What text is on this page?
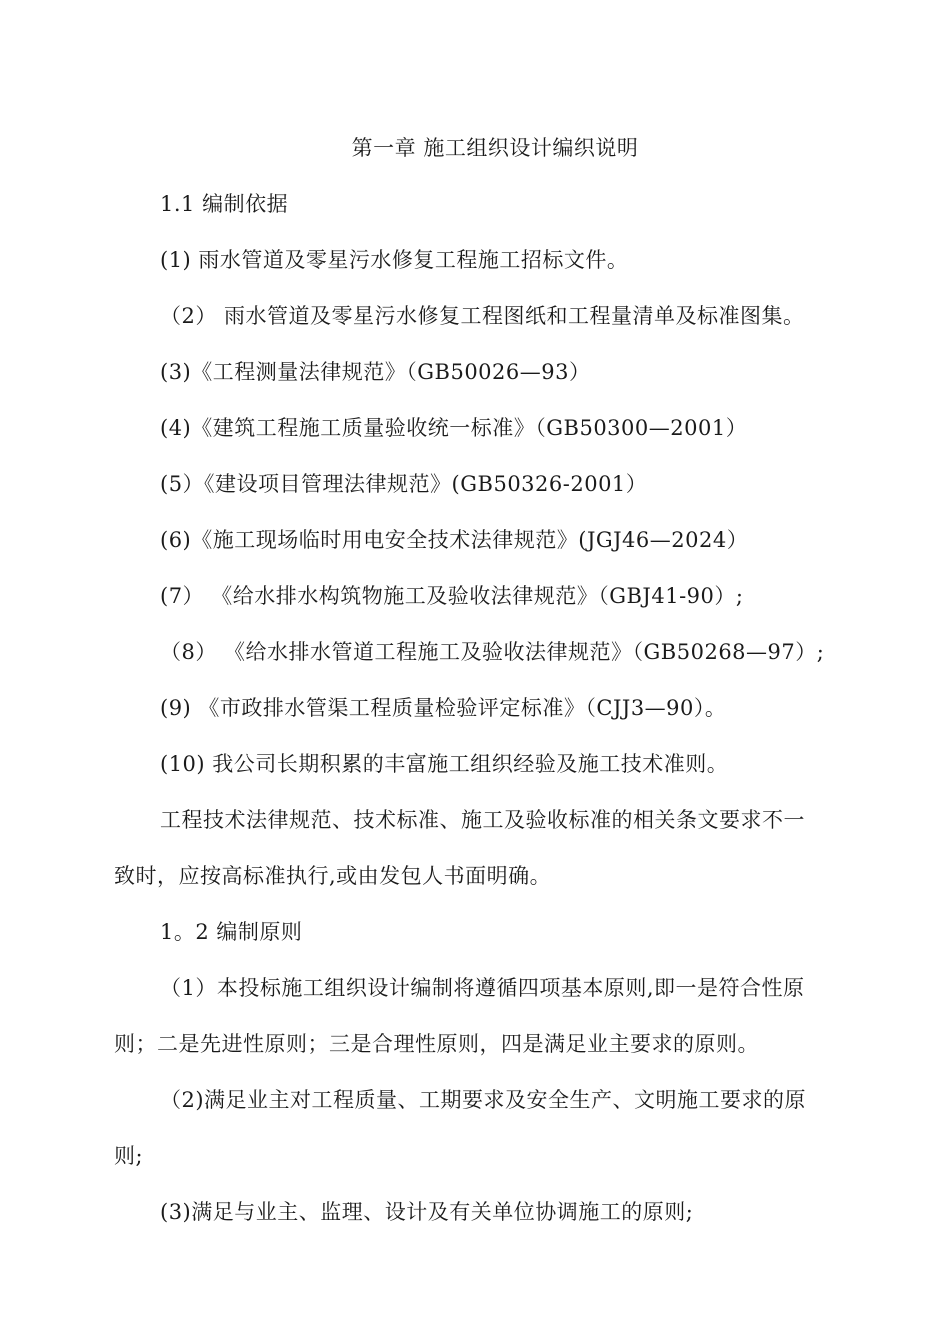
第一章 施工组织设计编织说明
1.1 编制依据
(1) 雨水管道及零星污水修复工程施工招标文件。
（2） 雨水管道及零星污水修复工程图纸和工程量清单及标准图集。
(3)《工程测量法律规范》（GB50026—93）
(4)《建筑工程施工质量验收统一标准》（GB50300—2001）
(5）《建设项目管理法律规范》(GB50326-2001）
(6)《施工现场临时用电安全技术法律规范》(JGJ46—2024）
(7） 《给水排水构筑物施工及验收法律规范》（GBJ41-90）;
（8） 《给水排水管道工程施工及验收法律规范》（GB50268—97）;
(9) 《市政排水管渠工程质量检验评定标准》（CJJ3—90）。
(10) 我公司长期积累的丰富施工组织经验及施工技术准则。
工程技术法律规范、技术标准、施工及验收标准的相关条文要求不一
致时，应按高标准执行,或由发包人书面明确。
1。2 编制原则
（1）本投标施工组织设计编制将遵循四项基本原则,即一是符合性原
则；二是先进性原则；三是合理性原则，四是满足业主要求的原则。
（2)满足业主对工程质量、工期要求及安全生产、文明施工要求的原
则;
(3)满足与业主、监理、设计及有关单位协调施工的原则;
